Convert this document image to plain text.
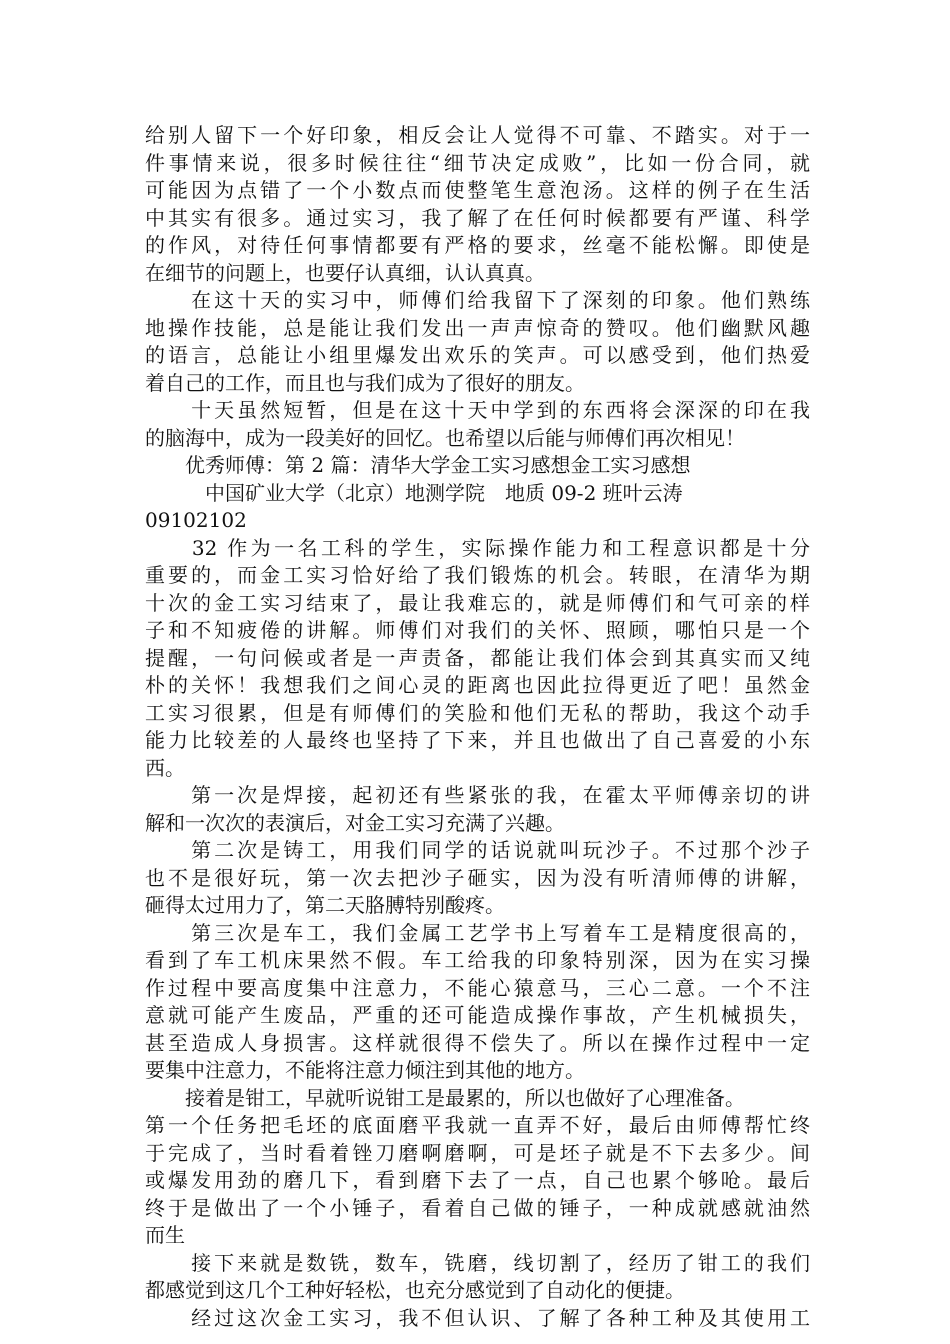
给别人留下一个好印象，相反会让人觉得不可靠、不踏实。对于一
件事情来说，很多时候往往“细节决定成败”，比如一份合同，就
可能因为点错了一个小数点而使整笔生意泡汤。这样的例子在生活
中其实有很多。通过实习，我了解了在任何时候都要有严谨、科学
的作风，对待任何事情都要有严格的要求，丝毫不能松懈。即使是
在细节的问题上，也要仔认真细，认认真真。
　　在这十天的实习中，师傅们给我留下了深刻的印象。他们熟练
地操作技能，总是能让我们发出一声声惊奇的赞叹。他们幽默风趣
的语言，总能让小组里爆发出欢乐的笑声。可以感受到，他们热爱
着自己的工作，而且也与我们成为了很好的朋友。
　　十天虽然短暂，但是在这十天中学到的东西将会深深的印在我
的脑海中，成为一段美好的回忆。也希望以后能与师傅们再次相见！
　　优秀师傅：第 2 篇：清华大学金工实习感想金工实习感想
　　　中国矿业大学（北京）地测学院　地质 09-2 班叶云涛
09102102
　　32 作为一名工科的学生，实际操作能力和工程意识都是十分
重要的，而金工实习恰好给了我们锻炼的机会。转眼，在清华为期
十次的金工实习结束了，最让我难忘的，就是师傅们和气可亲的样
子和不知疲倦的讲解。师傅们对我们的关怀、照顾，哪怕只是一个
提醒，一句问候或者是一声责备，都能让我们体会到其真实而又纯
朴的关怀！我想我们之间心灵的距离也因此拉得更近了吧！虽然金
工实习很累，但是有师傅们的笑脸和他们无私的帮助，我这个动手
能力比较差的人最终也坚持了下来，并且也做出了自己喜爱的小东
西。
　　第一次是焊接，起初还有些紧张的我，在霍太平师傅亲切的讲
解和一次次的表演后，对金工实习充满了兴趣。
　　第二次是铸工，用我们同学的话说就叫玩沙子。不过那个沙子
也不是很好玩，第一次去把沙子砸实，因为没有听清师傅的讲解，
砸得太过用力了，第二天胳膊特别酸疼。
　　第三次是车工，我们金属工艺学书上写着车工是精度很高的，
看到了车工机床果然不假。车工给我的印象特别深，因为在实习操
作过程中要高度集中注意力，不能心猿意马，三心二意。一个不注
意就可能产生废品，严重的还可能造成操作事故，产生机械损失，
甚至造成人身损害。这样就很得不偿失了。所以在操作过程中一定
要集中注意力，不能将注意力倾注到其他的地方。
　　接着是钳工，早就听说钳工是最累的，所以也做好了心理准备。
第一个任务把毛坯的底面磨平我就一直弄不好，最后由师傅帮忙终
于完成了，当时看着锉刀磨啊磨啊，可是坯子就是不下去多少。间
或爆发用劲的磨几下，看到磨下去了一点，自己也累个够呛。最后
终于是做出了一个小锤子，看着自己做的锤子，一种成就感就油然
而生
　　接下来就是数铣，数车，铣磨，线切割了，经历了钳工的我们
都感觉到这几个工种好轻松，也充分感觉到了自动化的便捷。
　　经过这次金工实习，我不但认识、了解了各种工种及其使用工
